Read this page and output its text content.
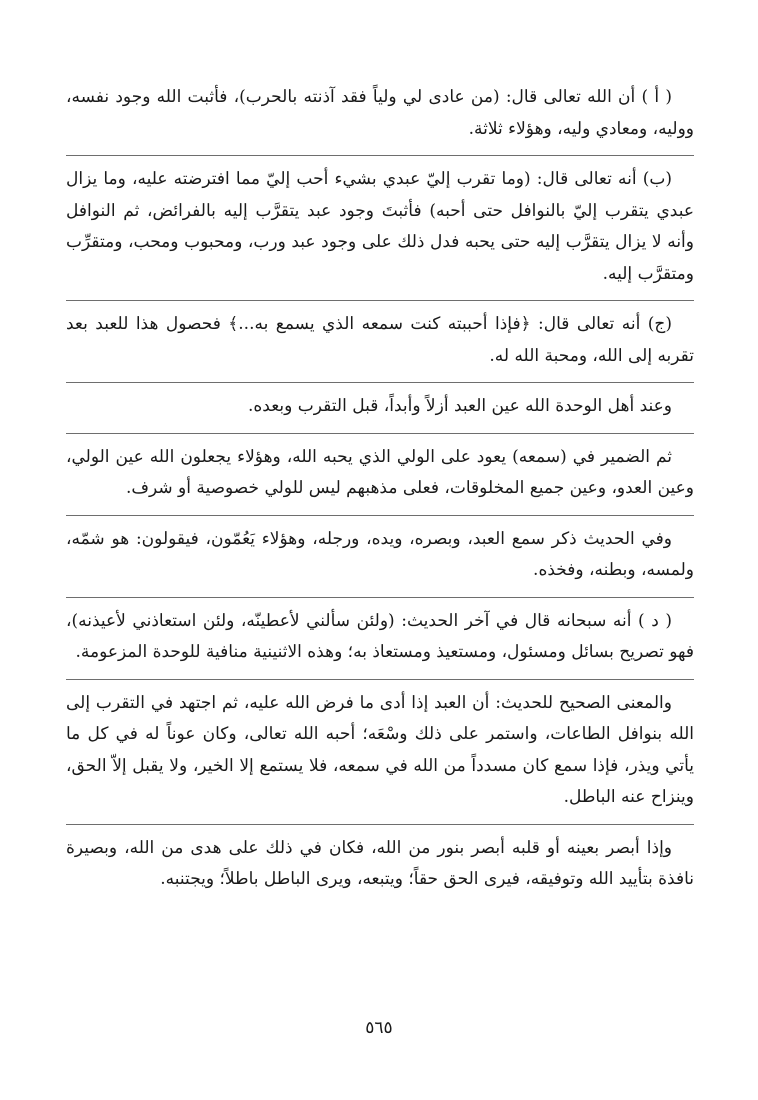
( أ ) أن الله تعالى قال: (من عادى لي ولياً فقد آذنته بالحرب)، فأثبت الله وجود نفسه، ووليه، ومعادي وليه، وهؤلاء ثلاثة.

(ب) أنه تعالى قال: (وما تقرب إليّ عبدي بشيء أحب إليّ مما افترضته عليه، وما يزال عبدي يتقرب إليّ بالنوافل حتى أحبه) فأثبتَ وجود عبد يتقرَّب إليه بالفرائض، ثم النوافل وأنه لا يزال يتقرَّب إليه حتى يحبه فدل ذلك على وجود عبد ورب، ومحبوب ومحب، ومتقرِّب ومتقرَّب إليه.

(ج) أنه تعالى قال: ﴿فإذا أحببته كنت سمعه الذي يسمع به...﴾ فحصول هذا للعبد بعد تقربه إلى الله، ومحبة الله له.

وعند أهل الوحدة الله عين العبد أزلاً وأبداً، قبل التقرب وبعده.

ثم الضمير في (سمعه) يعود على الولي الذي يحبه الله، وهؤلاء يجعلون الله عين الولي، وعين العدو، وعين جميع المخلوقات، فعلى مذهبهم ليس للولي خصوصية أو شرف.

وفي الحديث ذكر سمع العبد، وبصره، ويده، ورجله، وهؤلاء يَعُمّون، فيقولون: هو شمّه، ولمسه، وبطنه، وفخذه.

( د ) أنه سبحانه قال في آخر الحديث: (ولئن سألني لأعطينّه، ولئن استعاذني لأعيذنه)، فهو تصريح بسائل ومسئول، ومستعيذ ومستعاذ به؛ وهذه الاثنينية منافية للوحدة المزعومة.

والمعنى الصحيح للحديث: أن العبد إذا أدى ما فرض الله عليه، ثم اجتهد في التقرب إلى الله بنوافل الطاعات، واستمر على ذلك وسْعَه؛ أحبه الله تعالى، وكان عوناً له في كل ما يأتي ويذر، فإذا سمع كان مسدداً من الله في سمعه، فلا يستمع إلا الخير، ولا يقبل إلاّ الحق، وينزاح عنه الباطل.

وإذا أبصر بعينه أو قلبه أبصر بنور من الله، فكان في ذلك على هدى من الله، وبصيرة نافذة بتأييد الله وتوفيقه، فيرى الحق حقاً؛ ويتبعه، ويرى الباطل باطلاً؛ ويجتنبه.

٥٦٥
